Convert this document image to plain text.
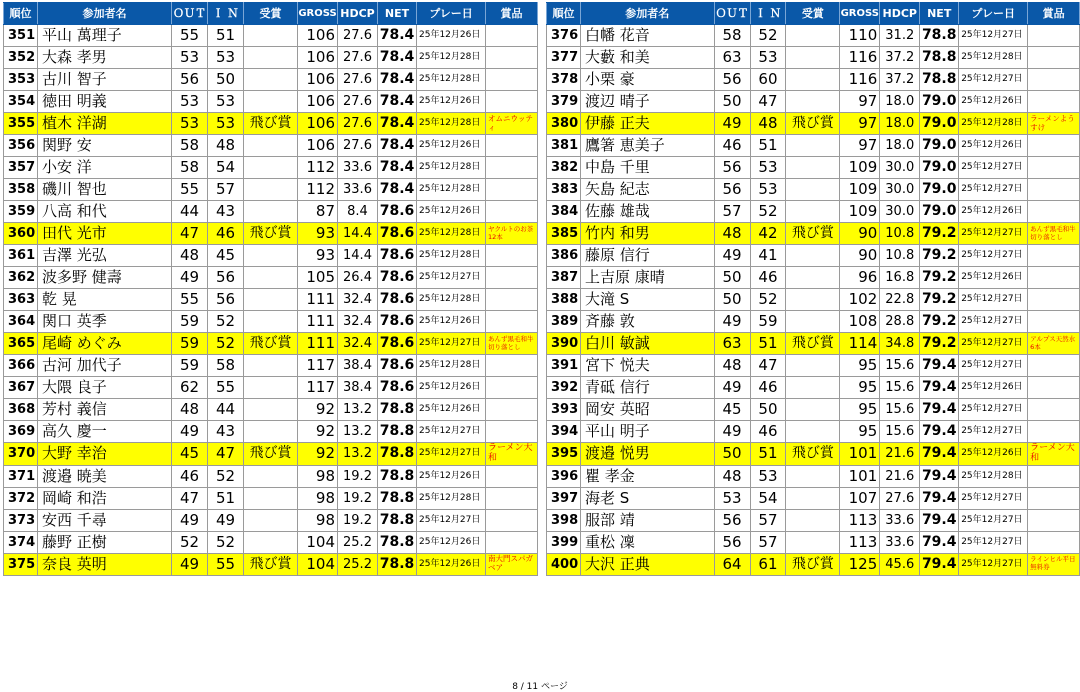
順位	参加者名	ＯＵＴ	Ｉ Ｎ	受賞	GROSS	HDCP	NET	プレー日	賞品
351	平山 萬理子	55	51		106	27.6	78.4	25年12月26日	
352	大森 孝男	53	53		106	27.6	78.4	25年12月28日	
353	古川 智子	56	50		106	27.6	78.4	25年12月28日	
354	徳田 明義	53	53		106	27.6	78.4	25年12月26日	
355	植木 洋湖	53	53	飛び賞	106	27.6	78.4	25年12月28日	オムニウッティ
356	関野 安	58	48		106	27.6	78.4	25年12月26日	
357	小安 洋	58	54		112	33.6	78.4	25年12月28日	
358	磯川 智也	55	57		112	33.6	78.4	25年12月28日	
359	八高 和代	44	43		87	8.4	78.6	25年12月26日	
360	田代 光市	47	46	飛び賞	93	14.4	78.6	25年12月28日	ヤクルトのお茶12本
361	吉澤 光弘	48	45		93	14.4	78.6	25年12月28日	
362	波多野 健壽	49	56		105	26.4	78.6	25年12月27日	
363	乾 晃	55	56		111	32.4	78.6	25年12月28日	
364	関口 英季	59	52		111	32.4	78.6	25年12月26日	
365	尾崎 めぐみ	59	52	飛び賞	111	32.4	78.6	25年12月27日	あんず黒毛和牛切り落とし
366	古河 加代子	59	58		117	38.4	78.6	25年12月28日	
367	大隈 良子	62	55		117	38.4	78.6	25年12月26日	
368	芳村 義信	48	44		92	13.2	78.8	25年12月26日	
369	高久 慶一	49	43		92	13.2	78.8	25年12月27日	
370	大野 幸治	45	47	飛び賞	92	13.2	78.8	25年12月27日	ラーメン大和
371	渡邉 暁美	46	52		98	19.2	78.8	25年12月26日	
372	岡崎 和浩	47	51		98	19.2	78.8	25年12月28日	
373	安西 千尋	49	49		98	19.2	78.8	25年12月27日	
374	藤野 正樹	52	52		104	25.2	78.8	25年12月26日	
375	奈良 英明	49	55	飛び賞	104	25.2	78.8	25年12月26日	南大門スパガベア
順位	参加者名	ＯＵＴ	Ｉ Ｎ	受賞	GROSS	HDCP	NET	プレー日	賞品
376	白幡 花音	58	52		110	31.2	78.8	25年12月27日	
377	大藪 和美	63	53		116	37.2	78.8	25年12月28日	
378	小栗 豪	56	60		116	37.2	78.8	25年12月27日	
379	渡辺 晴子	50	47		97	18.0	79.0	25年12月26日	
380	伊藤 正夫	49	48	飛び賞	97	18.0	79.0	25年12月28日	ラーメンようすけ
381	鷹箸 恵美子	46	51		97	18.0	79.0	25年12月26日	
382	中島 千里	56	53		109	30.0	79.0	25年12月27日	
383	矢島 紀志	56	53		109	30.0	79.0	25年12月27日	
384	佐藤 雄哉	57	52		109	30.0	79.0	25年12月26日	
385	竹内 和男	48	42	飛び賞	90	10.8	79.2	25年12月27日	あんず黒毛和牛切り落とし
386	藤原 信行	49	41		90	10.8	79.2	25年12月27日	
387	上吉原 康晴	50	46		96	16.8	79.2	25年12月26日	
388	大滝 S	50	52		102	22.8	79.2	25年12月27日	
389	斉藤 敦	49	59		108	28.8	79.2	25年12月27日	
390	白川 敏誠	63	51	飛び賞	114	34.8	79.2	25年12月27日	アルプス天然水6本
391	宮下 悦夫	48	47		95	15.6	79.4	25年12月27日	
392	青砥 信行	49	46		95	15.6	79.4	25年12月26日	
393	岡安 英昭	45	50		95	15.6	79.4	25年12月27日	
394	平山 明子	49	46		95	15.6	79.4	25年12月27日	
395	渡邉 悦男	50	51	飛び賞	101	21.6	79.4	25年12月26日	ラーメン大和
396	瞿 孝金	48	53		101	21.6	79.4	25年12月28日	
397	海老 S	53	54		107	27.6	79.4	25年12月27日	
398	服部 靖	56	57		113	33.6	79.4	25年12月27日	
399	重松 凜	56	57		113	33.6	79.4	25年12月27日	
400	大沢 正典	64	61	飛び賞	125	45.6	79.4	25年12月27日	ラインヒル平日無料券
8 / 11 ページ
